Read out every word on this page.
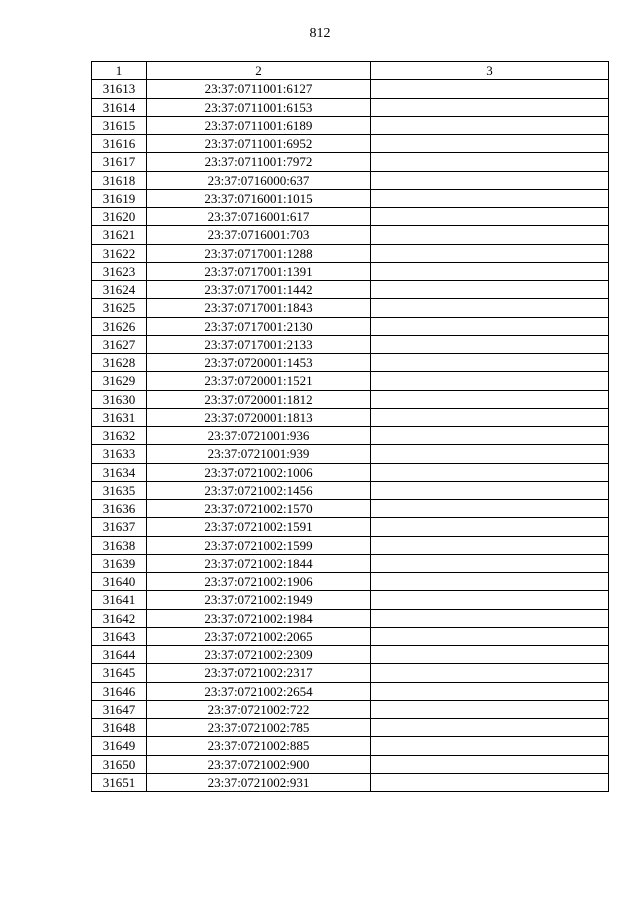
812
1	2	3
31613	23:37:0711001:6127	
31614	23:37:0711001:6153	
31615	23:37:0711001:6189	
31616	23:37:0711001:6952	
31617	23:37:0711001:7972	
31618	23:37:0716000:637	
31619	23:37:0716001:1015	
31620	23:37:0716001:617	
31621	23:37:0716001:703	
31622	23:37:0717001:1288	
31623	23:37:0717001:1391	
31624	23:37:0717001:1442	
31625	23:37:0717001:1843	
31626	23:37:0717001:2130	
31627	23:37:0717001:2133	
31628	23:37:0720001:1453	
31629	23:37:0720001:1521	
31630	23:37:0720001:1812	
31631	23:37:0720001:1813	
31632	23:37:0721001:936	
31633	23:37:0721001:939	
31634	23:37:0721002:1006	
31635	23:37:0721002:1456	
31636	23:37:0721002:1570	
31637	23:37:0721002:1591	
31638	23:37:0721002:1599	
31639	23:37:0721002:1844	
31640	23:37:0721002:1906	
31641	23:37:0721002:1949	
31642	23:37:0721002:1984	
31643	23:37:0721002:2065	
31644	23:37:0721002:2309	
31645	23:37:0721002:2317	
31646	23:37:0721002:2654	
31647	23:37:0721002:722	
31648	23:37:0721002:785	
31649	23:37:0721002:885	
31650	23:37:0721002:900	
31651	23:37:0721002:931	
